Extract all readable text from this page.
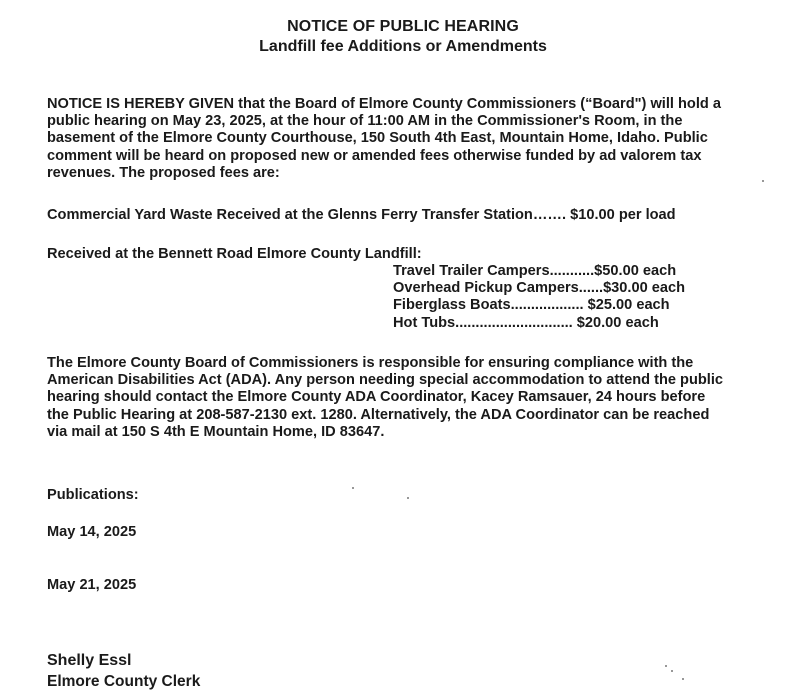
NOTICE OF PUBLIC HEARING
Landfill fee Additions or Amendments
NOTICE IS HEREBY GIVEN that the Board of Elmore County Commissioners (“Board") will hold a
public hearing on May 23, 2025, at the hour of 11:00 AM in the Commissioner's Room, in the
basement of the Elmore County Courthouse, 150 South 4th East, Mountain Home, Idaho. Public
comment will be heard on proposed new or amended fees otherwise funded by ad valorem tax
revenues. The proposed fees are:
Commercial Yard Waste Received at the Glenns Ferry Transfer Station……. $10.00 per load
Received at the Bennett Road Elmore County Landfill:
Travel Trailer Campers...........$50.00 each
Overhead Pickup Campers......$30.00 each
Fiberglass Boats.................. $25.00 each
Hot Tubs............................. $20.00 each
The Elmore County Board of Commissioners is responsible for ensuring compliance with the
American Disabilities Act (ADA). Any person needing special accommodation to attend the public
hearing should contact the Elmore County ADA Coordinator, Kacey Ramsauer, 24 hours before
the Public Hearing at 208-587-2130 ext. 1280. Alternatively, the ADA Coordinator can be reached
via mail at 150 S 4th E Mountain Home, ID 83647.
Publications:
May 14, 2025
May 21, 2025
Shelly Essl
Elmore County Clerk
